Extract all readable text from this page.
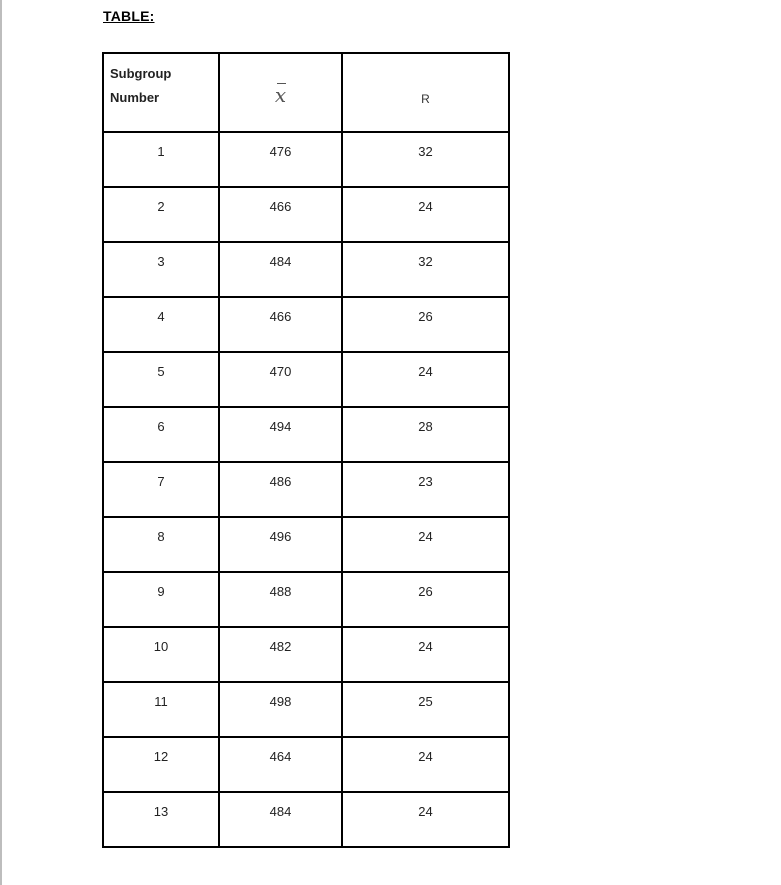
TABLE:
Subgroup Number	x	R
1	476	32
2	466	24
3	484	32
4	466	26
5	470	24
6	494	28
7	486	23
8	496	24
9	488	26
10	482	24
11	498	25
12	464	24
13	484	24
